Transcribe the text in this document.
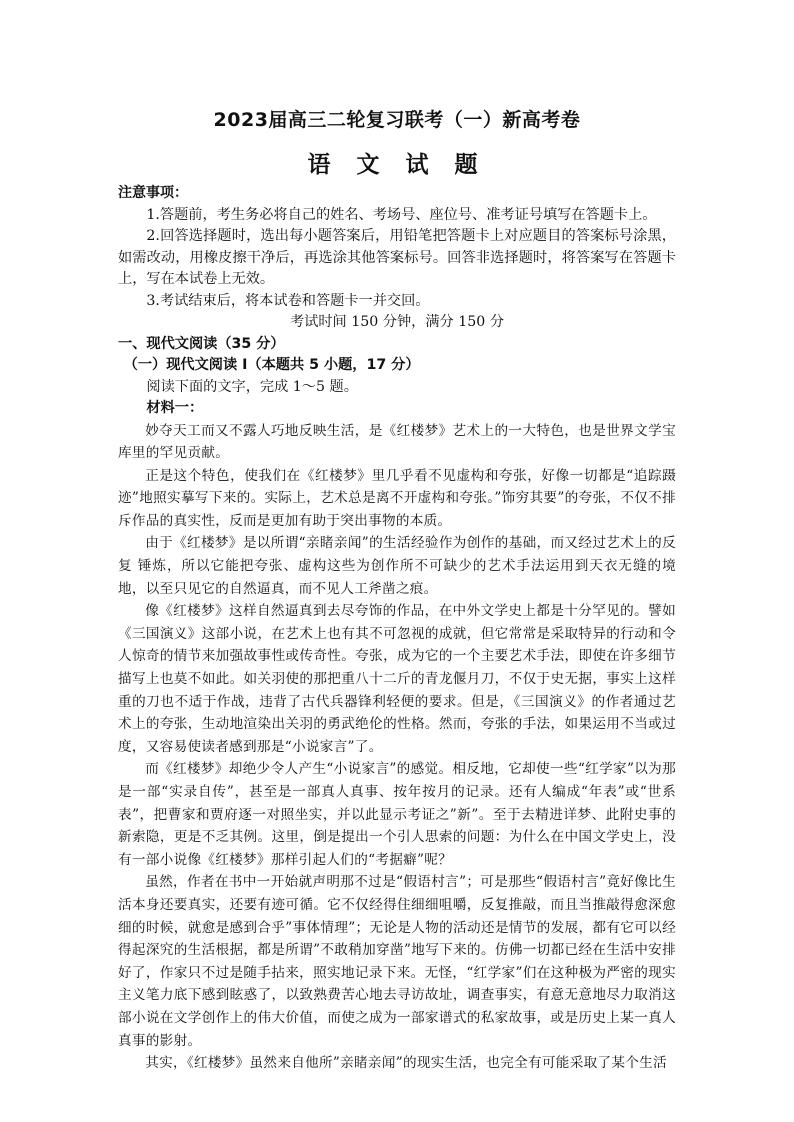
2023届高三二轮复习联考（一）新高考卷
语 文 试 题

注意事项：

1.答题前，考生务必将自己的姓名、考场号、座位号、准考证号填写在答题卡上。

2.回答选择题时，选出每小题答案后，用铅笔把答题卡上对应题目的答案标号涂黑，如需改动，用橡皮擦干净后，再选涂其他答案标号。回答非选择题时，将答案写在答题卡上，写在本试卷上无效。

3.考试结束后，将本试卷和答题卡一并交回。

考试时间 150 分钟，满分 150 分

一、现代文阅读（35 分）

（一）现代文阅读 I（本题共 5 小题，17 分）

阅读下面的文字，完成 1～5 题。

材料一：

妙夺天工而又不露人巧地反映生活，是《红楼梦》艺术上的一大特色，也是世界文学宝库里的罕见贡献。

正是这个特色，使我们在《红楼梦》里几乎看不见虚构和夸张，好像一切都是“追踪蹑迹”地照实摹写下来的。实际上，艺术总是离不开虚构和夸张。”饰穷其要”的夸张，不仅不排斥作品的真实性，反而是更加有助于突出事物的本质。

由于《红楼梦》是以所谓“亲睹亲闻”的生活经验作为创作的基础，而又经过艺术上的反复 锤炼，所以它能把夸张、虚构这些为创作所不可缺少的艺术手法运用到天衣无缝的境地，以至只见它的自然逼真，而不见人工斧凿之痕。

像《红楼梦》这样自然逼真到去尽夸饰的作品，在中外文学史上都是十分罕见的。譬如《三国演义》这部小说，在艺术上也有其不可忽视的成就，但它常常是采取特异的行动和令人惊奇的情节来加强故事性或传奇性。夸张，成为它的一个主要艺术手法，即使在许多细节描写上也莫不如此。如关羽使的那把重八十二斤的青龙偃月刀，不仅于史无据，事实上这样重的刀也不适于作战，违背了古代兵器锋利轻便的要求。但是，《三国演义》的作者通过艺术上的夸张，生动地渲染出关羽的勇武绝伦的性格。然而，夸张的手法，如果运用不当或过度，又容易使读者感到那是“小说家言”了。

而《红楼梦》却绝少令人产生“小说家言”的感觉。相反地，它却使一些“红学家”以为那是一部“实录自传”，甚至是一部真人真事、按年按月的记录。还有人编成“年表”或“世系表”，把曹家和贾府逐一对照坐实，并以此显示考证之”新”。至于去精进详梦、此附史事的新索隐，更是不乏其例。这里，倒是提出一个引人思索的问题：为什么在中国文学史上，没有一部小说像《红楼梦》那样引起人们的“考据癖”呢？

虽然，作者在书中一开始就声明那不过是“假语村言”；可是那些“假语村言”竟好像比生活本身还要真实，还要有迹可循。它不仅经得住细细咀嚼，反复推敲，而且当推敲得愈深愈细的时候，就愈是感到合乎”事体情理”；无论是人物的活动还是情节的发展，都有它可以经得起深究的生活根据，都是所谓”不敢稍加穿凿”地写下来的。仿佛一切都已经在生活中安排好了，作家只不过是随手拈来，照实地记录下来。无怪，“红学家”们在这种极为严密的现实主义笔力底下感到眩惑了，以致熟费苦心地去寻访故址，调查事实，有意无意地尽力取消这部小说在文学创作上的伟大价值，而使之成为一部家谱式的私家故事，或是历史上某一真人真事的影射。

其实，《红楼梦》虽然来自他所”亲睹亲闻”的现实生活，也完全有可能采取了某个生活
